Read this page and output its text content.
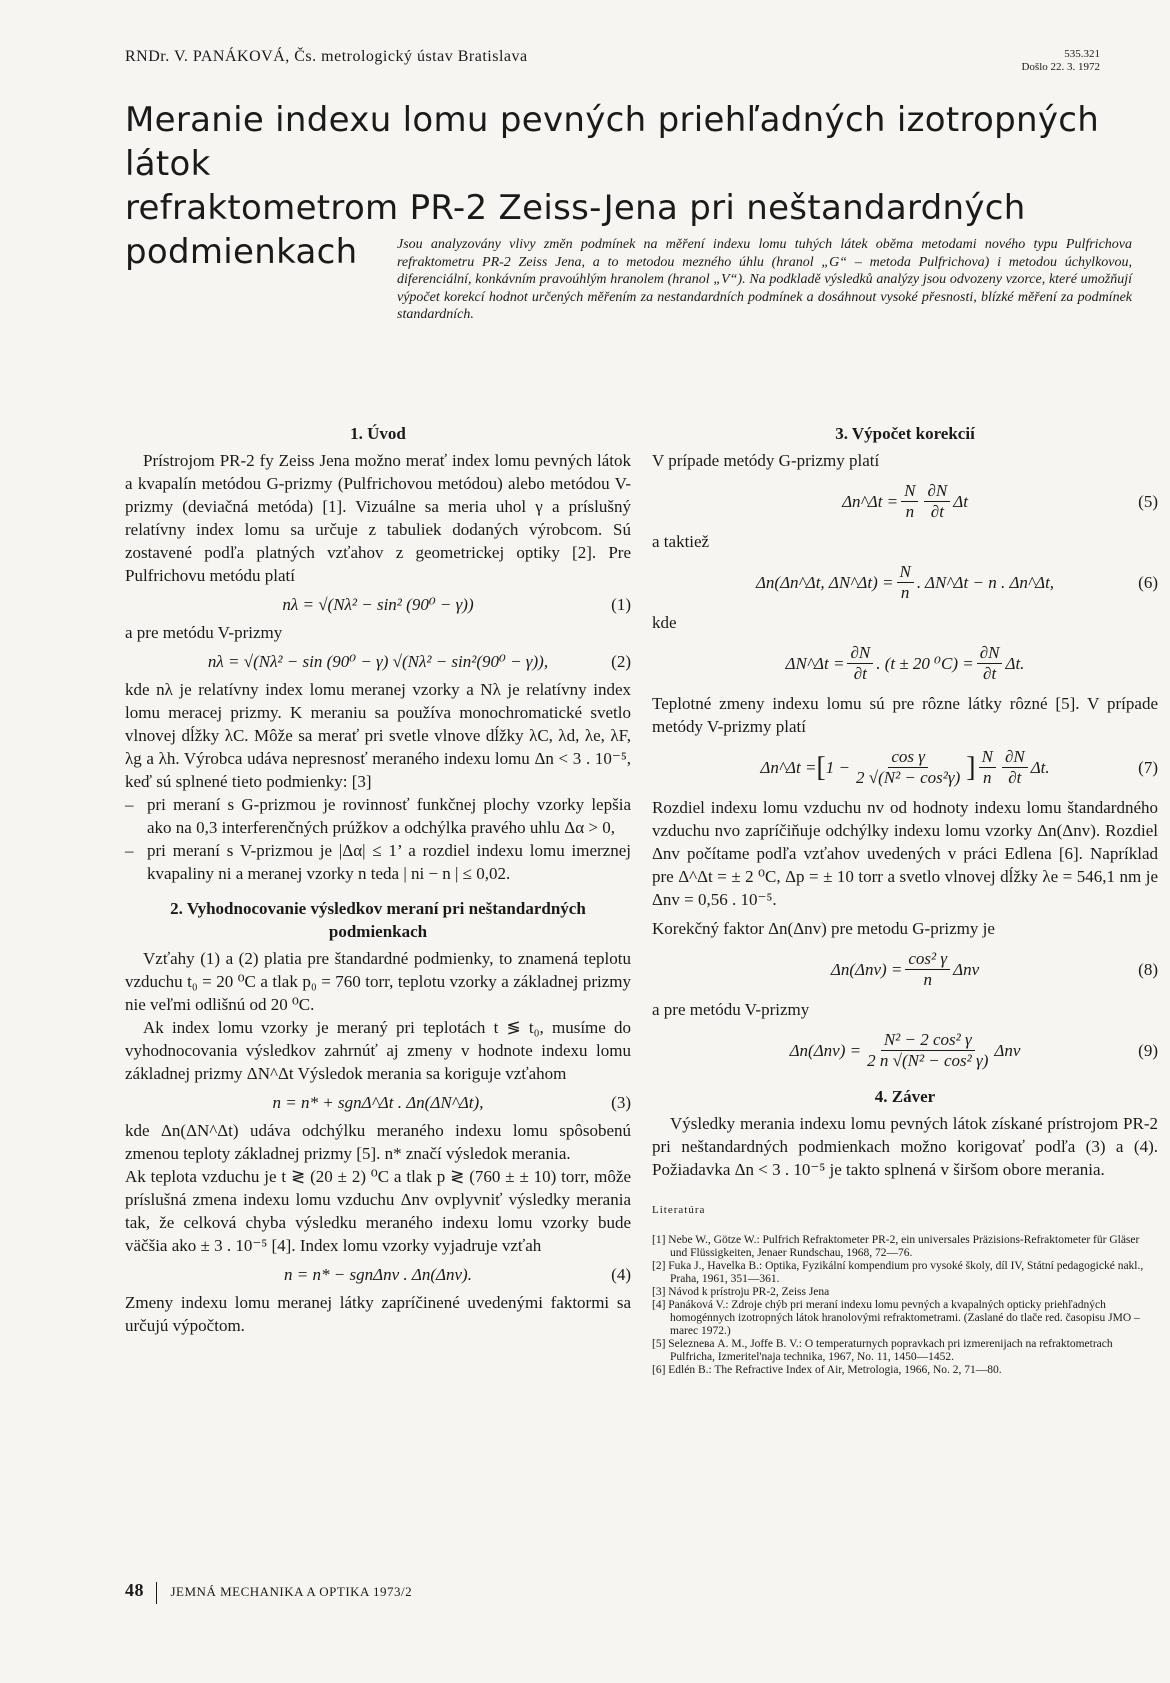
RNDr. V. PANÁKOVÁ, Čs. metrologický ústav Bratislava	535.321
Došlo 22. 3. 1972
Meranie indexu lomu pevných priehľadných izotropných látok
refraktometrom PR-2 Zeiss-Jena pri neštandardných podmienkach	Jsou analyzovány vlivy změn podmínek na měření indexu lomu tuhých látek oběma metodami nového typu Pulfrichova refraktometru PR-2 Zeiss Jena, a to metodou mezného úhlu (hranol „G“ – metoda Pulfrichova) i metodou úchylkovou, diferenciální, konkávním pravoúhlým hranolem (hranol „V“). Na podkladě výsledků analýzy jsou odvozeny vzorce, které umožňují výpočet korekcí hodnot určených měřením za nestandardních podmínek a dosáhnout vysoké přesnosti, blízké měření za podmínek standardních.
1. Úvod

Prístrojom PR-2 fy Zeiss Jena možno merať index lomu pevných látok a kvapalín metódou G-prizmy (Pulfrichovou metódou) alebo metódou V-prizmy (deviačná metóda) [1]. Vizuálne sa meria uhol γ a príslušný relatívny index lomu sa určuje z tabuliek dodaných výrobcom. Sú zostavené podľa platných vzťahov z geometrickej optiky [2]. Pre Pulfrichovu metódu platí

nλ = √(Nλ² − sin² (90⁰ − γ))	(1)

a pre metódu V-prizmy

nλ = √(Nλ² − sin (90⁰ − γ) √(Nλ² − sin²(90⁰ − γ)),	(2)

kde nλ je relatívny index lomu meranej vzorky a Nλ je relatívny index lomu meracej prizmy. K meraniu sa používa monochromatické svetlo vlnovej dĺžky λC. Môže sa merať pri svetle vlnove dĺžky λC, λd, λe, λF, λg a λh. Výrobca udáva nepresnosť meraného indexu lomu Δn < 3 . 10⁻⁵, keď sú splnené tieto podmienky: [3]

– pri meraní s G-prizmou je rovinnosť funkčnej plochy vzorky lepšia ako na 0,3 interferenčných prúžkov a odchýlka pravého uhlu Δα > 0,
– pri meraní s V-prizmou je |Δα| ≤ 1’ a rozdiel indexu lomu imerznej kvapaliny ni a meranej vzorky n teda | ni − n | ≤ 0,02.
2. Vyhodnocovanie výsledkov meraní pri neštandardných podmienkach

Vzťahy (1) a (2) platia pre štandardné podmienky, to znamená teplotu vzduchu t₀ = 20 ⁰C a tlak p₀ = 760 torr, teplotu vzorky a základnej prizmy nie veľmi odlišnú od 20 ⁰C.

Ak index lomu vzorky je meraný pri teplotách t ≶ t₀, musíme do vyhodnocovania výsledkov zahrnúť aj zmeny v hodnote indexu lomu základnej prizmy ΔN^Δt Výsledok merania sa koriguje vzťahom

n = n* + sgnΔ^Δt . Δn(ΔN^Δt),	(3)

kde Δn(ΔN^Δt) udáva odchýlku meraného indexu lomu spôsobenú zmenou teploty základnej prizmy [5]. n* značí výsledok merania.

Ak teplota vzduchu je t ≷ (20 ± 2) ⁰C a tlak p ≷ (760 ± ± 10) torr, môže príslušná zmena indexu lomu vzduchu Δnv ovplyvniť výsledky merania tak, že celková chyba výsledku meraného indexu lomu vzorky bude väčšia ako ± 3 . 10⁻⁵ [4]. Index lomu vzorky vyjadruje vzťah

n = n* − sgnΔnv . Δn(Δnv).	(4)

Zmeny indexu lomu meranej látky zapríčinené uvedenými faktormi sa určujú výpočtom.

3. Výpočet korekcií

V prípade metódy G-prizmy platí

Δn^Δt = $\frac{N}{n} \frac{\partial N}{\partial t}$ Δt	(5)

a taktiež

Δn(Δn^Δt, ΔN^Δt) = $\frac{N}{n}$ . ΔN^Δt − n . Δn^Δt,	(6)

kde

ΔN^Δt = $\frac{\partial N}{\partial t}$ . (t ± 20 $^0C) = \frac{\partial N}{\partial t} \Delta t$.

Teplotné zmeny indexu lomu sú pre rôzne látky rôzné [5]. V prípade metódy V-prizmy platí

Δn^Δt = [ $1 - \frac{\text{cos γ}}{\text{2 √(N² − cos²γ)}}$ ] $\frac{N}{n} \frac{\partial N}{\partial t} \Delta t$.	(7)

Rozdiel indexu lomu vzduchu nv od hodnoty indexu lomu štandardného vzduchu nvo zapríčiňuje odchýlky indexu lomu vzorky Δn(Δnv). Rozdiel Δnv počítame podľa vzťahov uvedených v práci Edlena [6]. Napríklad pre Δ^Δt = ± 2 ⁰C, Δp = ± 10 torr a svetlo vlnovej dĺžky λe = 546,1 nm je Δnv = 0,56 . 10⁻⁵.

Korekčný faktor Δn(Δnv) pre metodu G-prizmy je

$\Delta n(\Delta nv) = \frac{\text{cos² γ}}{n}$ Δnv	(8)

a pre metódu V-prizmy

$\Delta n(\Delta nv) = \frac{\text{N² − 2 cos² γ}}{\text{2 n √(N² − cos² γ)}}$ Δnv	(9)
4. Záver

Výsledky merania indexu lomu pevných látok získané prístrojom PR-2 pri neštandardných podmienkach možno korigovať podľa (3) a (4). Požiadavka Δn < 3 . 10⁻⁵ je takto splnená v širšom obore merania.

Literatúra
[1] Nebe W., Götze W.: Pulfrich Refraktometer PR-2, ein universales Präzisions-Refraktometer für Gläser und Flüssigkeiten, Jenaer Rundschau, 1968, 72—76.
[2] Fuka J., Havelka B.: Optika, Fyzikální kompendium pro vysoké školy, díl IV, Státní pedagogické nakl., Praha, 1961, 351—361.
[3] Návod k prístroju PR-2, Zeiss Jena
[4] Panáková V.: Zdroje chýb pri meraní indexu lomu pevných a kvapalných opticky priehľadných homogénnych izotropných látok hranolovými refraktometrami. (Zaslané do tlače red. časopisu JMO – marec 1972.)
[5] Seleznева A. M., Joffe B. V.: O temperaturnych popravkach pri izmerenijach na refraktometrach Pulfricha, Izmeritel'naja technika, 1967, No. 11, 1450—1452.
[6] Edlén B.: The Refractive Index of Air, Metrologia, 1966, No. 2, 71—80.
48 JEMNÁ MECHANIKA A OPTIKA 1973/2
